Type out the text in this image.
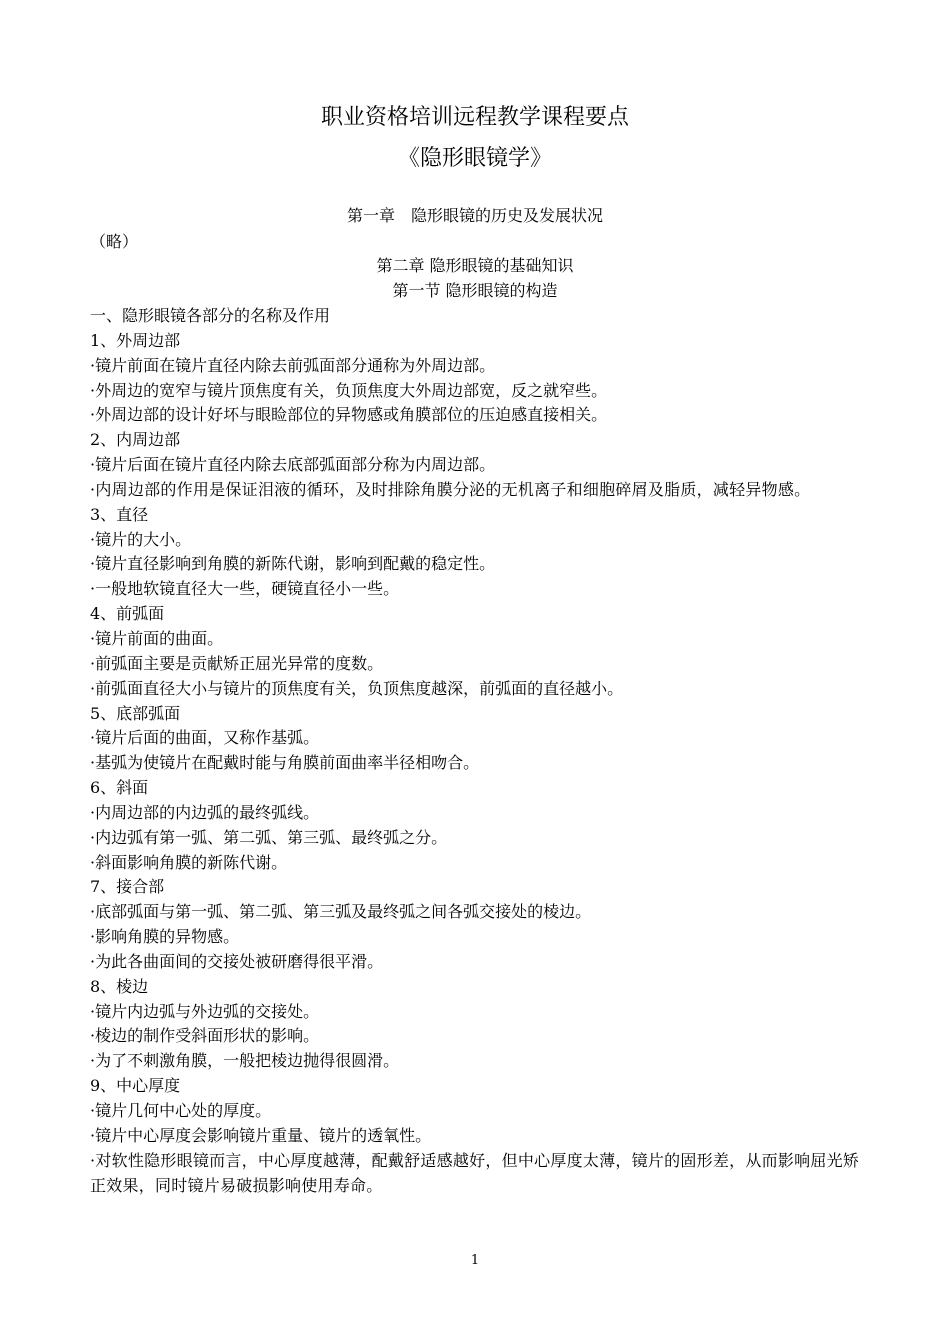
职业资格培训远程教学课程要点
《隐形眼镜学》
第一章　隐形眼镜的历史及发展状况
（略）
第二章 隐形眼镜的基础知识
第一节 隐形眼镜的构造
一、隐形眼镜各部分的名称及作用
1、外周边部
·镜片前面在镜片直径内除去前弧面部分通称为外周边部。
·外周边的宽窄与镜片顶焦度有关，负顶焦度大外周边部宽，反之就窄些。
·外周边部的设计好坏与眼睑部位的异物感或角膜部位的压迫感直接相关。
2、内周边部
·镜片后面在镜片直径内除去底部弧面部分称为内周边部。
·内周边部的作用是保证泪液的循环，及时排除角膜分泌的无机离子和细胞碎屑及脂质，减轻异物感。
3、直径
·镜片的大小。
·镜片直径影响到角膜的新陈代谢，影响到配戴的稳定性。
·一般地软镜直径大一些，硬镜直径小一些。
4、前弧面
·镜片前面的曲面。
·前弧面主要是贡献矫正屈光异常的度数。
·前弧面直径大小与镜片的顶焦度有关，负顶焦度越深，前弧面的直径越小。
5、底部弧面
·镜片后面的曲面，又称作基弧。
·基弧为使镜片在配戴时能与角膜前面曲率半径相吻合。
6、斜面
·内周边部的内边弧的最终弧线。
·内边弧有第一弧、第二弧、第三弧、最终弧之分。
·斜面影响角膜的新陈代谢。
7、接合部
·底部弧面与第一弧、第二弧、第三弧及最终弧之间各弧交接处的棱边。
·影响角膜的异物感。
·为此各曲面间的交接处被研磨得很平滑。
8、棱边
·镜片内边弧与外边弧的交接处。
·棱边的制作受斜面形状的影响。
·为了不刺激角膜，一般把棱边抛得很圆滑。
9、中心厚度
·镜片几何中心处的厚度。
·镜片中心厚度会影响镜片重量、镜片的透氧性。
·对软性隐形眼镜而言，中心厚度越薄，配戴舒适感越好，但中心厚度太薄，镜片的固形差，从而影响屈光矫正效果，同时镜片易破损影响使用寿命。
1
